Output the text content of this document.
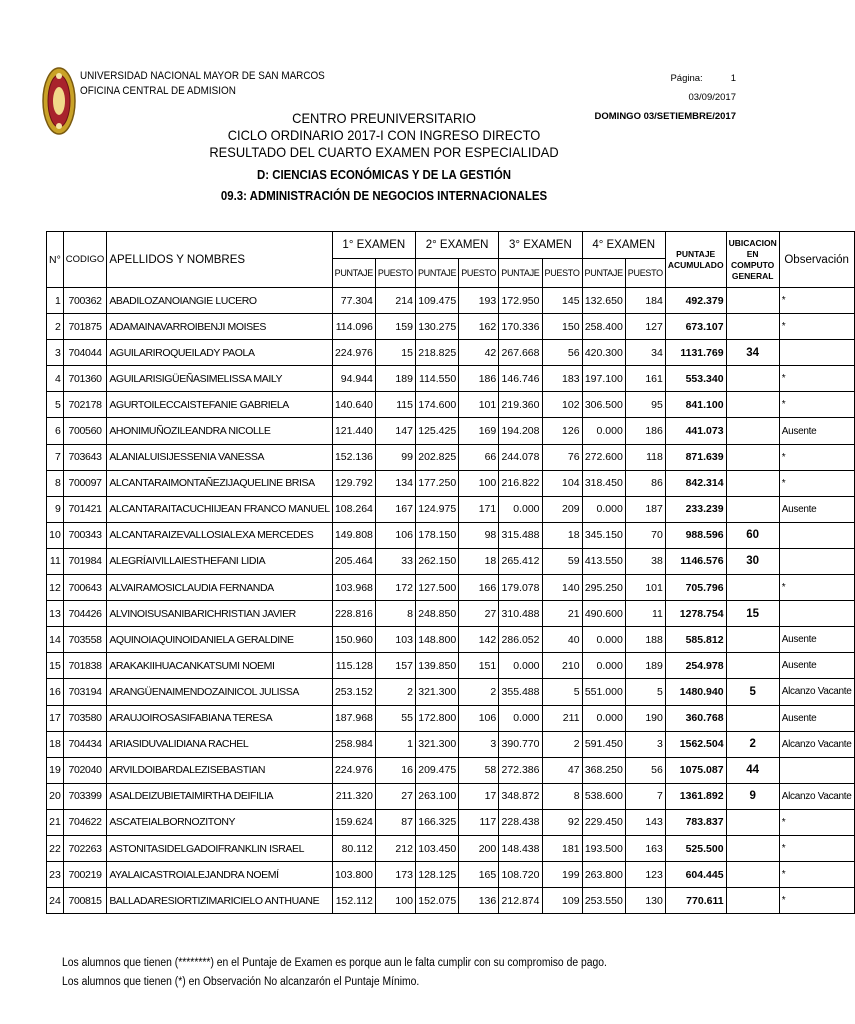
UNIVERSIDAD NACIONAL MAYOR DE SAN MARCOS
OFICINA CENTRAL DE ADMISION
Página:	1
03/09/2017
DOMINGO 03/SETIEMBRE/2017
CENTRO PREUNIVERSITARIO
CICLO ORDINARIO 2017-I CON INGRESO DIRECTO
RESULTADO DEL CUARTO EXAMEN POR ESPECIALIDAD
D: CIENCIAS ECONÓMICAS Y DE LA GESTIÓN
09.3: ADMINISTRACIÓN DE NEGOCIOS INTERNACIONALES
N°	CODIGO	APELLIDOS Y NOMBRES	1° EXAMEN		2° EXAMEN		3° EXAMEN		4° EXAMEN		PUNTAJE ACUMULADO	UBICACION EN COMPUTO GENERAL	Observación
			PUNTAJE	PUESTO	PUNTAJE	PUESTO	PUNTAJE	PUESTO	PUNTAJE	PUESTO			
1	700362	ABADILOZANOIANGIE LUCERO	77.304	214	109.475	193	172.950	145	132.650	184	492.379		*
2	701875	ADAMAINAVARROIBENJI MOISES	114.096	159	130.275	162	170.336	150	258.400	127	673.107		*
3	704044	AGUILARIROQUEILADY PAOLA	224.976	15	218.825	42	267.668	56	420.300	34	1131.769	34	
4	701360	AGUILARISIGÜEÑASIMELISSA MAILY	94.944	189	114.550	186	146.746	183	197.100	161	553.340		*
5	702178	AGURTOILECCAISTEFANIE GABRIELA	140.640	115	174.600	101	219.360	102	306.500	95	841.100		*
6	700560	AHONIMUÑOZILEANDRA NICOLLE	121.440	147	125.425	169	194.208	126	0.000	186	441.073		Ausente
7	703643	ALANIALUISIJESSENIA VANESSA	152.136	99	202.825	66	244.078	76	272.600	118	871.639		*
8	700097	ALCANTARAIMONTAÑEZIJAQUELINE BRISA	129.792	134	177.250	100	216.822	104	318.450	86	842.314		*
9	701421	ALCANTARAITACUCHIIJEAN FRANCO MANUEL	108.264	167	124.975	171	0.000	209	0.000	187	233.239		Ausente
10	700343	ALCANTARAIZEVALLOSIALEXA MERCEDES	149.808	106	178.150	98	315.488	18	345.150	70	988.596	60	
11	701984	ALEGRÍAIVILLAIESTHEFANI LIDIA	205.464	33	262.150	18	265.412	59	413.550	38	1146.576	30	
12	700643	ALVAIRAMOSICLAUDIA FERNANDA	103.968	172	127.500	166	179.078	140	295.250	101	705.796		*
13	704426	ALVINOISUSANIBARICHRISTIAN JAVIER	228.816	8	248.850	27	310.488	21	490.600	11	1278.754	15	
14	703558	AQUINOIAQUINOIDANIELA GERALDINE	150.960	103	148.800	142	286.052	40	0.000	188	585.812		Ausente
15	701838	ARAKAKIIHUACANKATSUMI NOEMI	115.128	157	139.850	151	0.000	210	0.000	189	254.978		Ausente
16	703194	ARANGÜENAIMENDOZAINICOL JULISSA	253.152	2	321.300	2	355.488	5	551.000	5	1480.940	5	Alcanzo Vacante
17	703580	ARAUJOIROSASIFABIANA TERESA	187.968	55	172.800	106	0.000	211	0.000	190	360.768		Ausente
18	704434	ARIASIDUVALIDIANA RACHEL	258.984	1	321.300	3	390.770	2	591.450	3	1562.504	2	Alcanzo Vacante
19	702040	ARVILDOIBARDALEZISEBASTIAN	224.976	16	209.475	58	272.386	47	368.250	56	1075.087	44	
20	703399	ASALDEIZUBIETAIMIRTHA DEIFILIA	211.320	27	263.100	17	348.872	8	538.600	7	1361.892	9	Alcanzo Vacante
21	704622	ASCATEIALBORNOZITONY	159.624	87	166.325	117	228.438	92	229.450	143	783.837		*
22	702263	ASTONITASIDELGADOIFRANKLIN ISRAEL	80.112	212	103.450	200	148.438	181	193.500	163	525.500		*
23	700219	AYALAICASTROIALEJANDRA NOEMÍ	103.800	173	128.125	165	108.720	199	263.800	123	604.445		*
24	700815	BALLADARESIORTIZIMARICIELO ANTHUANE	152.112	100	152.075	136	212.874	109	253.550	130	770.611		*
Los alumnos que tienen (********) en el Puntaje de Examen es porque aun le falta cumplir con su compromiso de pago.
Los alumnos que tienen (*) en Observación No alcanzarón el Puntaje Mínimo.
